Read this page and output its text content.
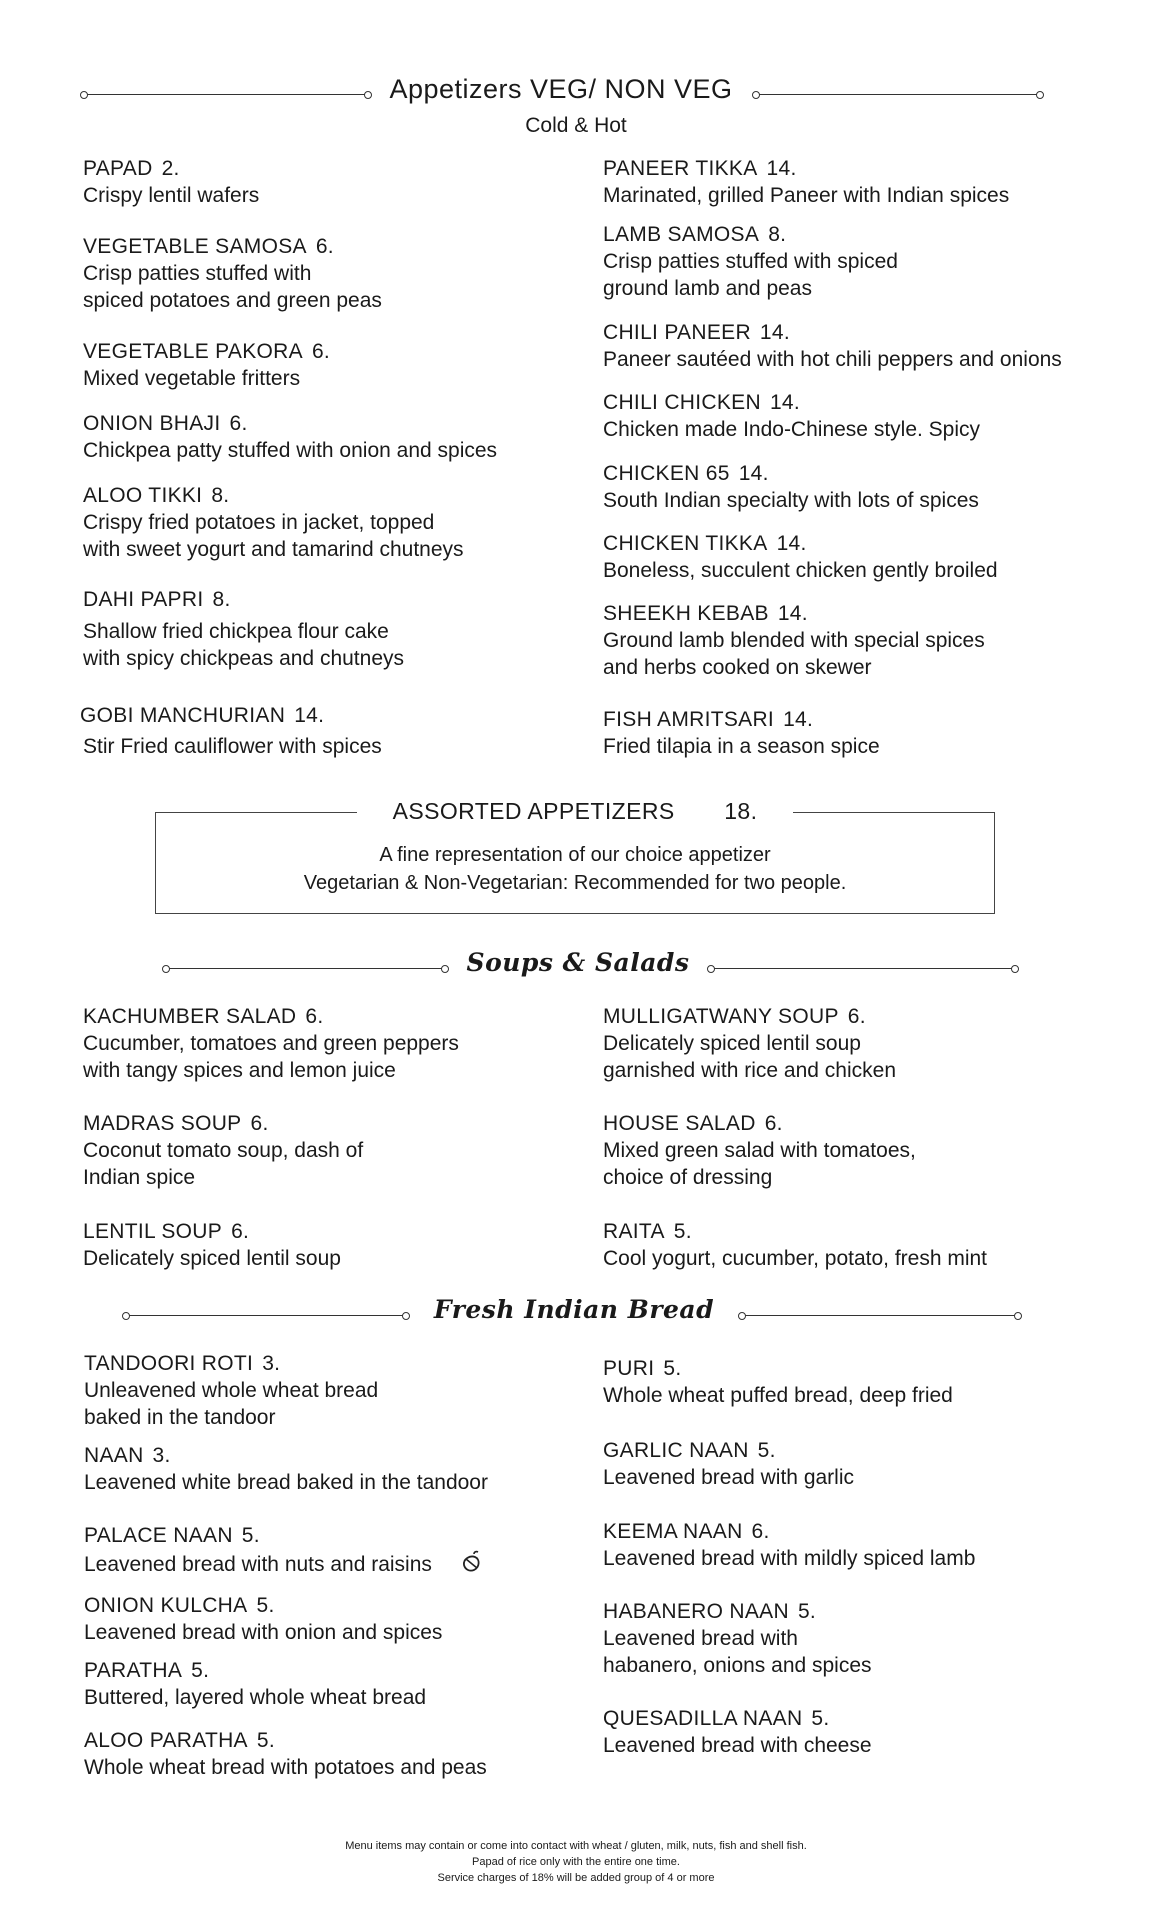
Appetizers VEG/ NON VEG
Cold & Hot
PAPAD 2.
Crispy lentil wafers
VEGETABLE SAMOSA 6.
Crisp patties stuffed with
spiced potatoes and green peas
VEGETABLE PAKORA 6.
Mixed vegetable fritters
ONION BHAJI 6.
Chickpea patty stuffed with onion and spices
ALOO TIKKI 8.
Crispy fried potatoes in jacket, topped
with sweet yogurt and tamarind chutneys
DAHI PAPRI 8.
Shallow fried chickpea flour cake
with spicy chickpeas and chutneys
GOBI MANCHURIAN 14.
Stir Fried cauliflower with spices
PANEER TIKKA 14.
Marinated, grilled Paneer with Indian spices
LAMB SAMOSA 8.
Crisp patties stuffed with spiced
ground lamb and peas
CHILI PANEER 14.
Paneer sautéed with hot chili peppers and onions
CHILI CHICKEN 14.
Chicken made Indo-Chinese style. Spicy
CHICKEN 65 14.
South Indian specialty with lots of spices
CHICKEN TIKKA 14.
Boneless, succulent chicken gently broiled
SHEEKH KEBAB 14.
Ground lamb blended with special spices
and herbs cooked on skewer
FISH AMRITSARI 14.
Fried tilapia in a season spice
ASSORTED APPETIZERS 18.
A fine representation of our choice appetizer
Vegetarian & Non-Vegetarian: Recommended for two people.
Soups & Salads
KACHUMBER SALAD 6.
Cucumber, tomatoes and green peppers
with tangy spices and lemon juice
MADRAS SOUP 6.
Coconut tomato soup, dash of
Indian spice
LENTIL SOUP 6.
Delicately spiced lentil soup
MULLIGATWANY SOUP 6.
Delicately spiced lentil soup
garnished with rice and chicken
HOUSE SALAD 6.
Mixed green salad with tomatoes,
choice of dressing
RAITA 5.
Cool yogurt, cucumber, potato, fresh mint
Fresh Indian Bread
TANDOORI ROTI 3.
Unleavened whole wheat bread
baked in the tandoor
NAAN 3.
Leavened white bread baked in the tandoor
PALACE NAAN 5.
Leavened bread with nuts and raisins
ONION KULCHA 5.
Leavened bread with onion and spices
PARATHA 5.
Buttered, layered whole wheat bread
ALOO PARATHA 5.
Whole wheat bread with potatoes and peas
PURI 5.
Whole wheat puffed bread, deep fried
GARLIC NAAN 5.
Leavened bread with garlic
KEEMA NAAN 6.
Leavened bread with mildly spiced lamb
HABANERO NAAN 5.
Leavened bread with
habanero, onions and spices
QUESADILLA NAAN 5.
Leavened bread with cheese
Menu items may contain or come into contact with wheat / gluten, milk, nuts, fish and shell fish.
Papad of rice only with the entire one time.
Service charges of 18% will be added group of 4 or more
